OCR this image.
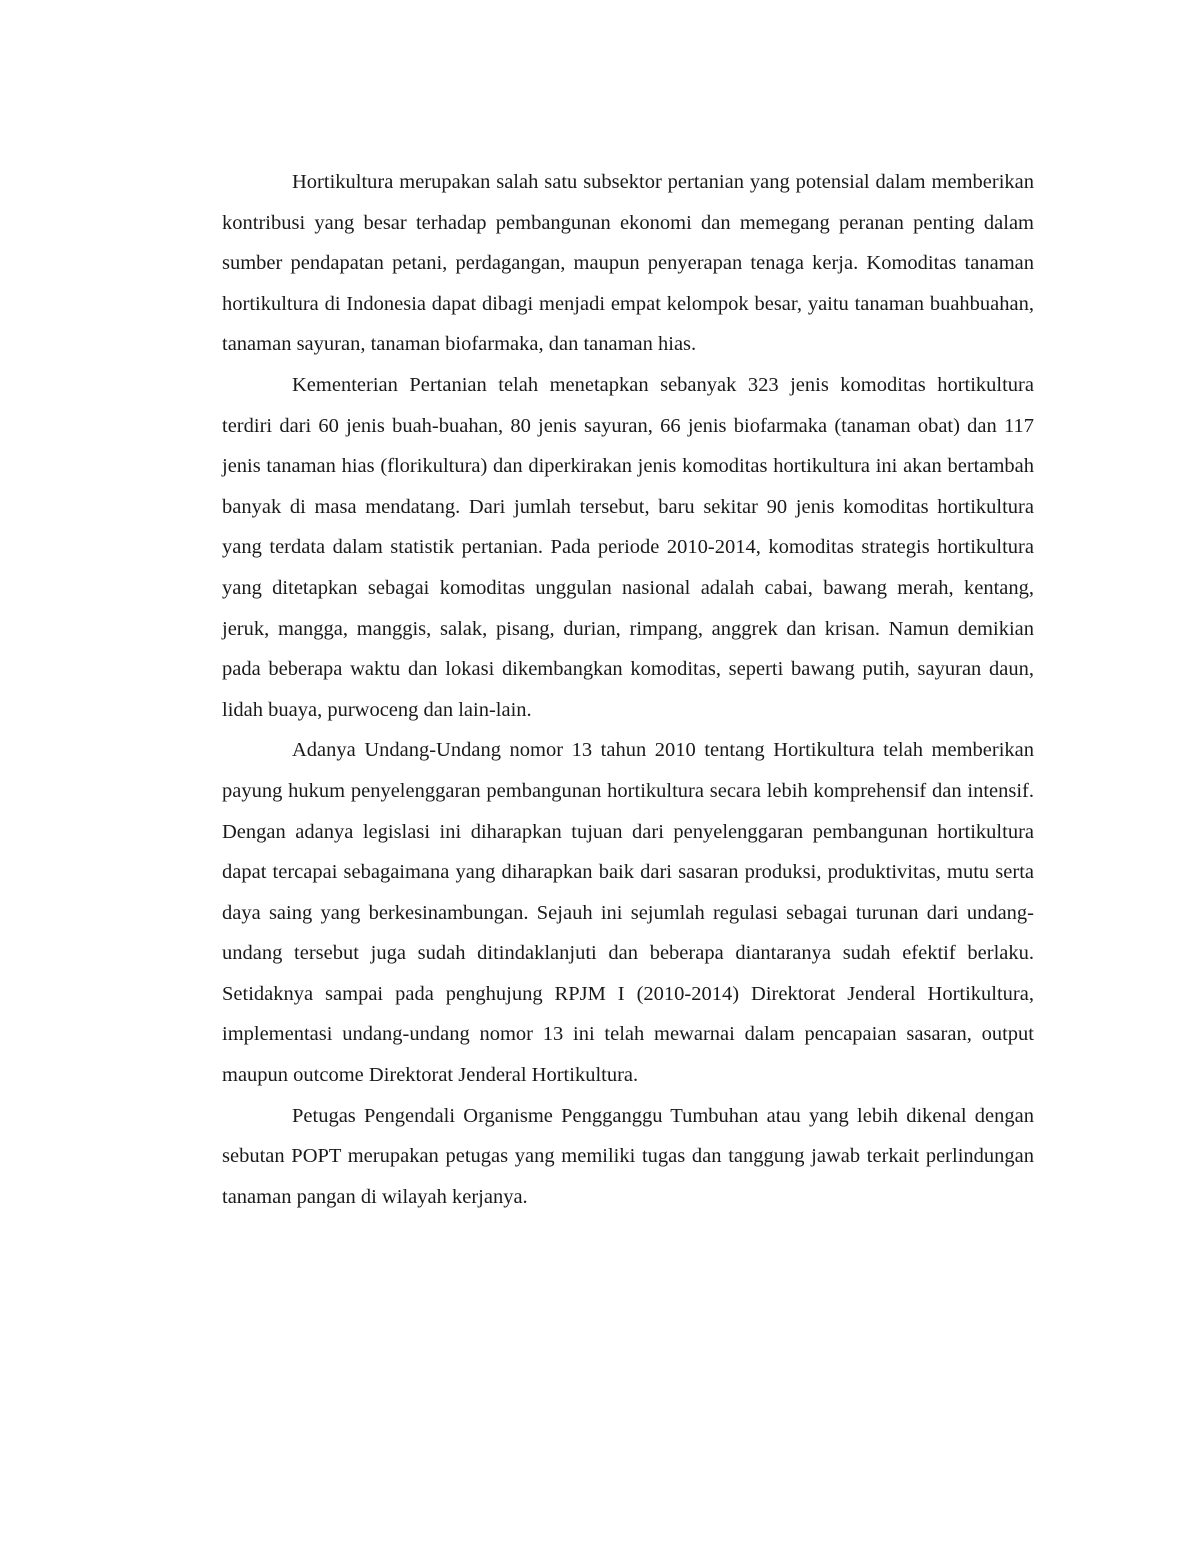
Hortikultura merupakan salah satu subsektor pertanian yang potensial dalam memberikan kontribusi yang besar terhadap pembangunan ekonomi dan memegang peranan penting dalam sumber pendapatan petani, perdagangan, maupun penyerapan tenaga kerja. Komoditas tanaman hortikultura di Indonesia dapat dibagi menjadi empat kelompok besar, yaitu tanaman buahbuahan, tanaman sayuran, tanaman biofarmaka, dan tanaman hias.

Kementerian Pertanian telah menetapkan sebanyak 323 jenis komoditas hortikultura terdiri dari 60 jenis buah-buahan, 80 jenis sayuran, 66 jenis biofarmaka (tanaman obat) dan 117 jenis tanaman hias (florikultura) dan diperkirakan jenis komoditas hortikultura ini akan bertambah banyak di masa mendatang. Dari jumlah tersebut, baru sekitar 90 jenis komoditas hortikultura yang terdata dalam statistik pertanian. Pada periode 2010-2014, komoditas strategis hortikultura yang ditetapkan sebagai komoditas unggulan nasional adalah cabai, bawang merah, kentang, jeruk, mangga, manggis, salak, pisang, durian, rimpang, anggrek dan krisan. Namun demikian pada beberapa waktu dan lokasi dikembangkan komoditas, seperti bawang putih, sayuran daun, lidah buaya, purwoceng dan lain-lain.

Adanya Undang-Undang nomor 13 tahun 2010 tentang Hortikultura telah memberikan payung hukum penyelenggaran pembangunan hortikultura secara lebih komprehensif dan intensif. Dengan adanya legislasi ini diharapkan tujuan dari penyelenggaran pembangunan hortikultura dapat tercapai sebagaimana yang diharapkan baik dari sasaran produksi, produktivitas, mutu serta daya saing yang berkesinambungan. Sejauh ini sejumlah regulasi sebagai turunan dari undang-undang tersebut juga sudah ditindaklanjuti dan beberapa diantaranya sudah efektif berlaku. Setidaknya sampai pada penghujung RPJM I (2010-2014) Direktorat Jenderal Hortikultura, implementasi undang-undang nomor 13 ini telah mewarnai dalam pencapaian sasaran, output maupun outcome Direktorat Jenderal Hortikultura.

Petugas Pengendali Organisme Pengganggu Tumbuhan atau yang lebih dikenal dengan sebutan POPT merupakan petugas yang memiliki tugas dan tanggung jawab terkait perlindungan tanaman pangan di wilayah kerjanya.
